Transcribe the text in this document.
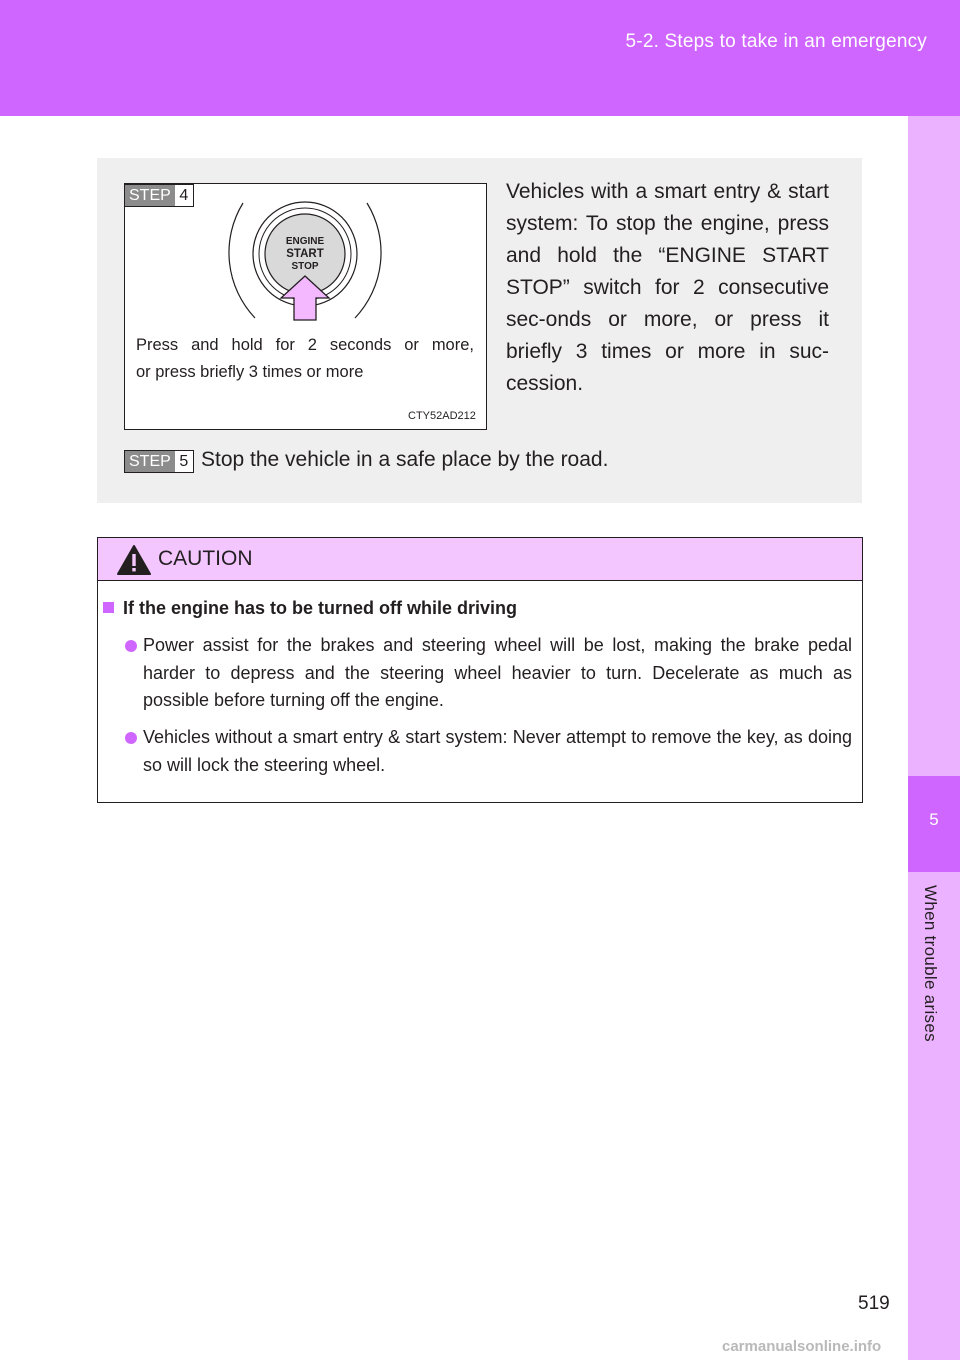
5-2. Steps to take in an emergency
5
When trouble arises
STEP 4
ENGINE
START
STOP
Press and hold for 2 seconds or more,
or press briefly 3 times or more
CTY52AD212
Vehicles with a smart entry & start system: To stop the engine, press and hold the “ENGINE START STOP” switch for 2 consecutive sec-onds or more, or press it briefly 3 times or more in suc-cession.
STEP 5 Stop the vehicle in a safe place by the road.
CAUTION
If the engine has to be turned off while driving
Power assist for the brakes and steering wheel will be lost, making the brake pedal harder to depress and the steering wheel heavier to turn. Decelerate as much as possible before turning off the engine.
Vehicles without a smart entry & start system: Never attempt to remove the key, as doing so will lock the steering wheel.
519
carmanualsonline.info
